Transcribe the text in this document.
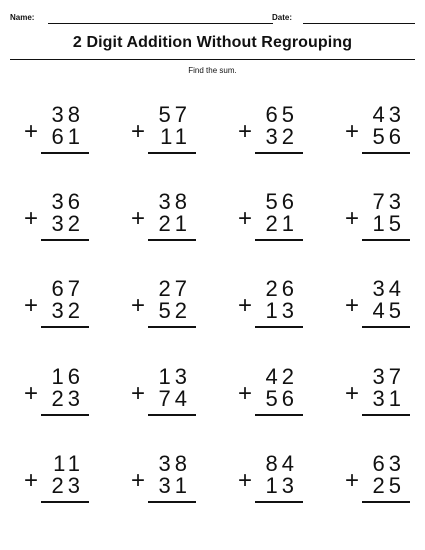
Name:	Date:
2 Digit Addition Without Regrouping
Find the sum.
38
+ 61
57
+ 11
65
+ 32
43
+ 56
36
+ 32
38
+ 21
56
+ 21
73
+ 15
67
+ 32
27
+ 52
26
+ 13
34
+ 45
16
+ 23
13
+ 74
42
+ 56
37
+ 31
11
+ 23
38
+ 31
84
+ 13
63
+ 25
